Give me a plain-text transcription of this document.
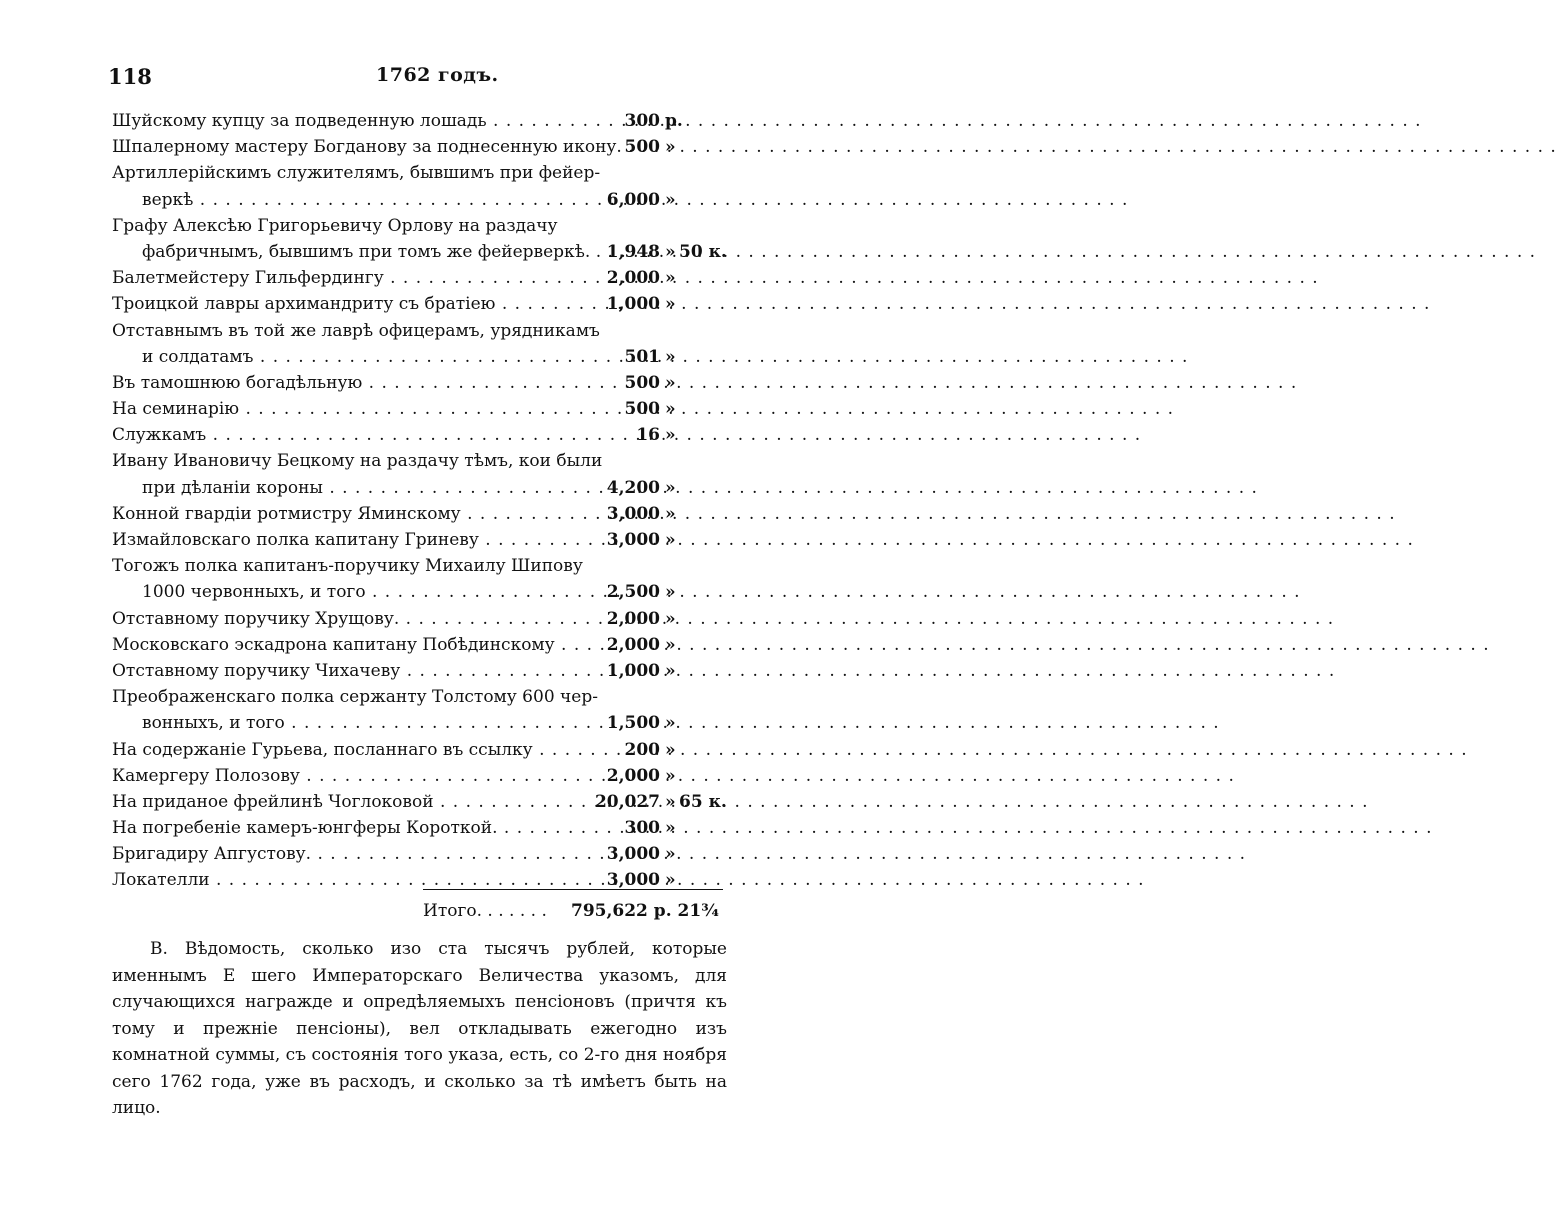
118	1762 годъ.
Шуйскому купцу за подведенную лошадь . . .	300 р.
Шпалерному мастеру Богданову за поднесенную икону. . . . 500 »
Артиллерійскимъ служителямъ, бывшимъ при фейер-
веркѣ . . .	6,000 »
Графу Алексѣю Григорьевичу Орлову на раздачу
фабричнымъ, бывшимъ при томъ же фейерверкѣ. . . . . 1,948 » 50 к.
Балетмейстеру Гильфердингу . . .	2,000 »
Троицкой лавры архимандриту съ братіею . . .	1,000 »
Отставнымъ въ той же лаврѣ офицерамъ, урядникамъ
и солдатамъ . . .	501 »
Въ тамошнюю богадѣльную . . .	500 »
На семинарію . . .	500 »
Служкамъ . . .	16 »
Ивану Ивановичу Бецкому на раздачу тѣмъ, кои были
при дѣланіи короны . . .	4,200 »
Конной гвардіи ротмистру Яминскому . . .	3,000 »
Измайловскаго полка капитану Гриневу . . .	3,000 »
Тогожъ полка капитанъ-поручику Михаилу Шипову
1000 червонныхъ, и того . . .	2,500 »
Отставному поручику Хрущову. . . .	2,000 »
Московскаго эскадрона капитану Побѣдинскому . . .	2,000 »
Отставному поручику Чихачеву . . .	1,000 »
Преображенскаго полка сержанту Толстому 600 чер-
вонныхъ, и того . . .	1,500 »
На содержаніе Гурьева, посланнаго въ ссылку . . .	200 »
Камергеру Полозову . . .	2,000 »
На приданое фрейлинѣ Чоглоковой . . .	20,027 » 65 к.
На погребеніе камеръ-юнгферы Короткой. . . .	300 »
Бригадиру Апгустову. . . .	3,000 »
Локателли . . .	3,000 »
Итого. . . . . . . 795,622 р. 21¾

В. Вѣдомость, сколько изо ста тысячъ рублей, которые именнымъ Е шего Императорскаго Величества указомъ, для случающихся награжде и опредѣляемыхъ пенсіоновъ (причтя къ тому и прежніе пенсіоны), вел откладывать ежегодно изъ комнатной суммы, съ состоянія того указа, есть, со 2-го дня ноября сего 1762 года, уже въ расходъ, и сколько за тѣ имѣетъ быть на лицо.
